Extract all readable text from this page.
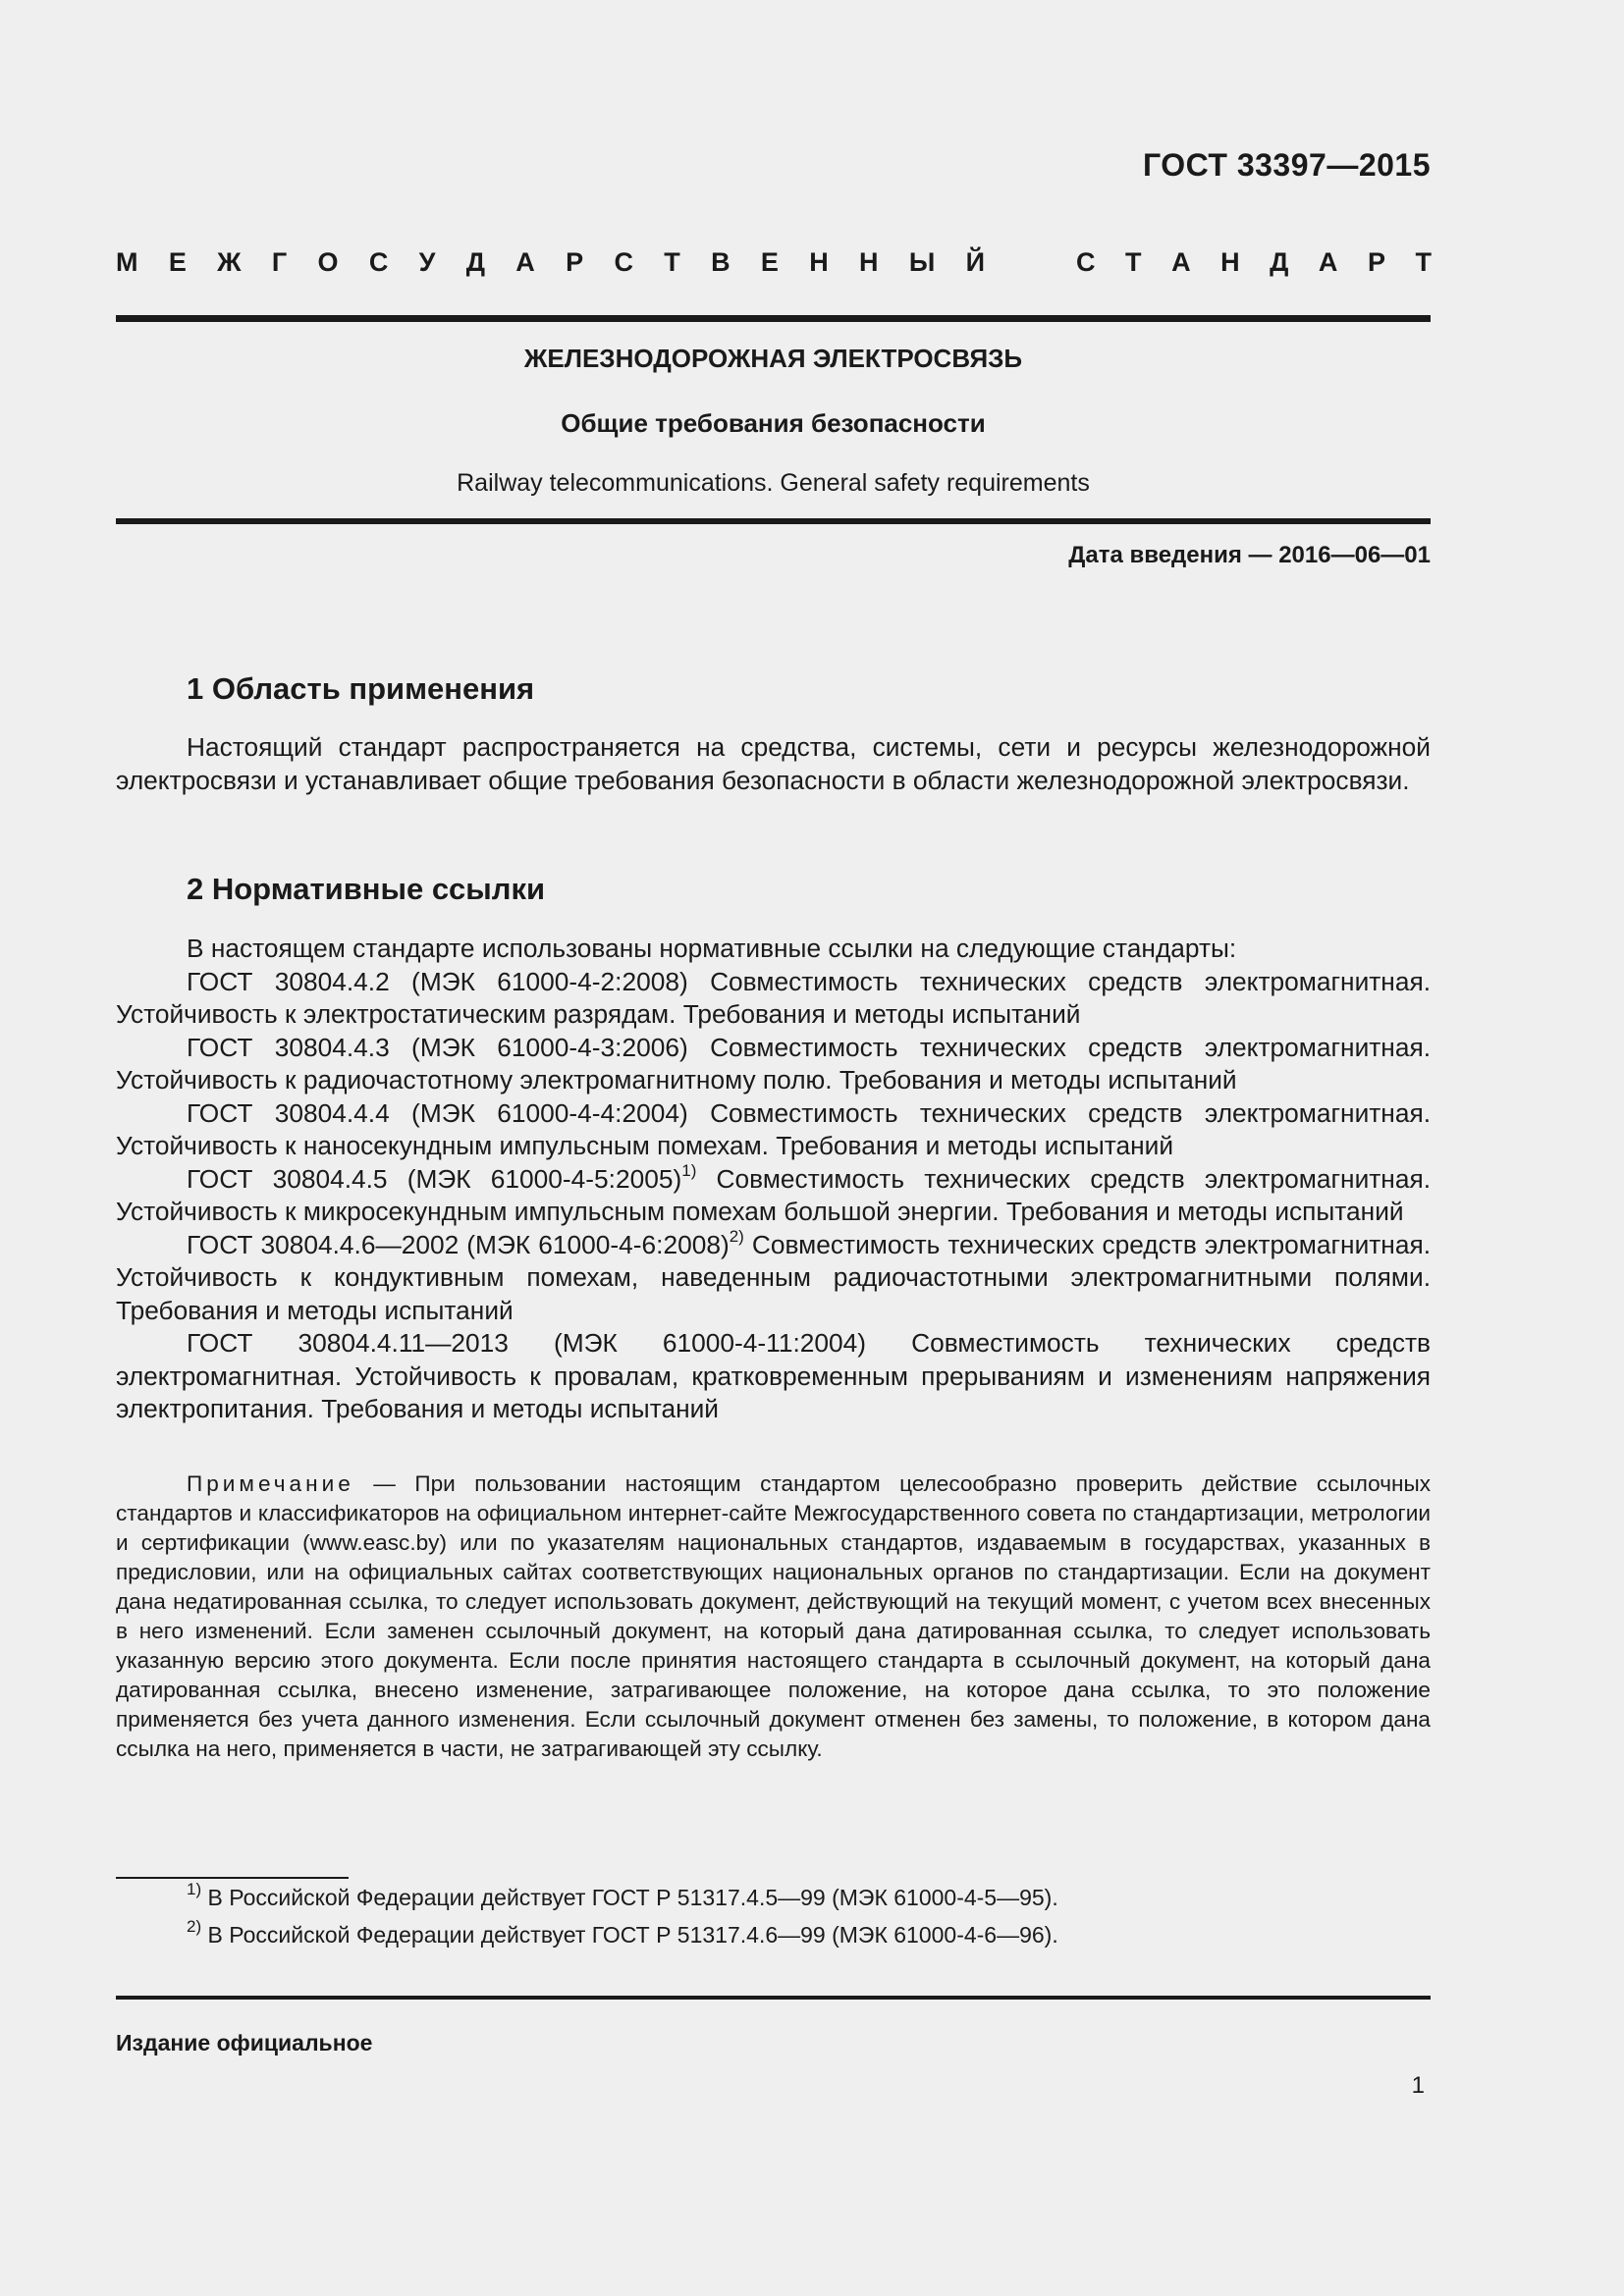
ГОСТ 33397—2015
М Е Ж Г О С У Д А Р С Т В Е Н Н Ы Й	С Т А Н Д А Р Т
ЖЕЛЕЗНОДОРОЖНАЯ ЭЛЕКТРОСВЯЗЬ
Общие требования безопасности
Railway telecommunications. General safety requirements
Дата введения — 2016—06—01
1 Область применения

Настоящий стандарт распространяется на средства, системы, сети и ресурсы железнодорожной электросвязи и устанавливает общие требования безопасности в области железнодорожной электросвязи.

2 Нормативные ссылки

В настоящем стандарте использованы нормативные ссылки на следующие стандарты:

ГОСТ 30804.4.2 (МЭК 61000-4-2:2008) Совместимость технических средств электромагнитная. Устойчивость к электростатическим разрядам. Требования и методы испытаний

ГОСТ 30804.4.3 (МЭК 61000-4-3:2006) Совместимость технических средств электромагнитная. Устойчивость к радиочастотному электромагнитному полю. Требования и методы испытаний

ГОСТ 30804.4.4 (МЭК 61000-4-4:2004) Совместимость технических средств электромагнитная. Устойчивость к наносекундным импульсным помехам. Требования и методы испытаний

ГОСТ 30804.4.5 (МЭК 61000-4-5:2005)$^{1)}$ Совместимость технических средств электромагнитная. Устойчивость к микросекундным импульсным помехам большой энергии. Требования и методы испытаний

ГОСТ 30804.4.6—2002 (МЭК 61000-4-6:2008)$^{2)}$ Совместимость технических средств электромагнитная. Устойчивость к кондуктивным помехам, наведенным радиочастотными электромагнитными полями. Требования и методы испытаний

ГОСТ 30804.4.11—2013 (МЭК 61000-4-11:2004) Совместимость технических средств электромагнитная. Устойчивость к провалам, кратковременным прерываниям и изменениям напряжения электропитания. Требования и методы испытаний

Примечание — При пользовании настоящим стандартом целесообразно проверить действие ссылочных стандартов и классификаторов на официальном интернет-сайте Межгосударственного совета по стандартизации, метрологии и сертификации (www.easc.by) или по указателям национальных стандартов, издаваемым в государствах, указанных в предисловии, или на официальных сайтах соответствующих национальных органов по стандартизации. Если на документ дана недатированная ссылка, то следует использовать документ, действующий на текущий момент, с учетом всех внесенных в него изменений. Если заменен ссылочный документ, на который дана датированная ссылка, то следует использовать указанную версию этого документа. Если после принятия настоящего стандарта в ссылочный документ, на который дана датированная ссылка, внесено изменение, затрагивающее положение, на которое дана ссылка, то это положение применяется без учета данного изменения. Если ссылочный документ отменен без замены, то положение, в котором дана ссылка на него, применяется в части, не затрагивающей эту ссылку.

$^{1)}$ В Российской Федерации действует ГОСТ Р 51317.4.5—99 (МЭК 61000-4-5—95).
$^{2)}$ В Российской Федерации действует ГОСТ Р 51317.4.6—99 (МЭК 61000-4-6—96).
Издание официальное
1
